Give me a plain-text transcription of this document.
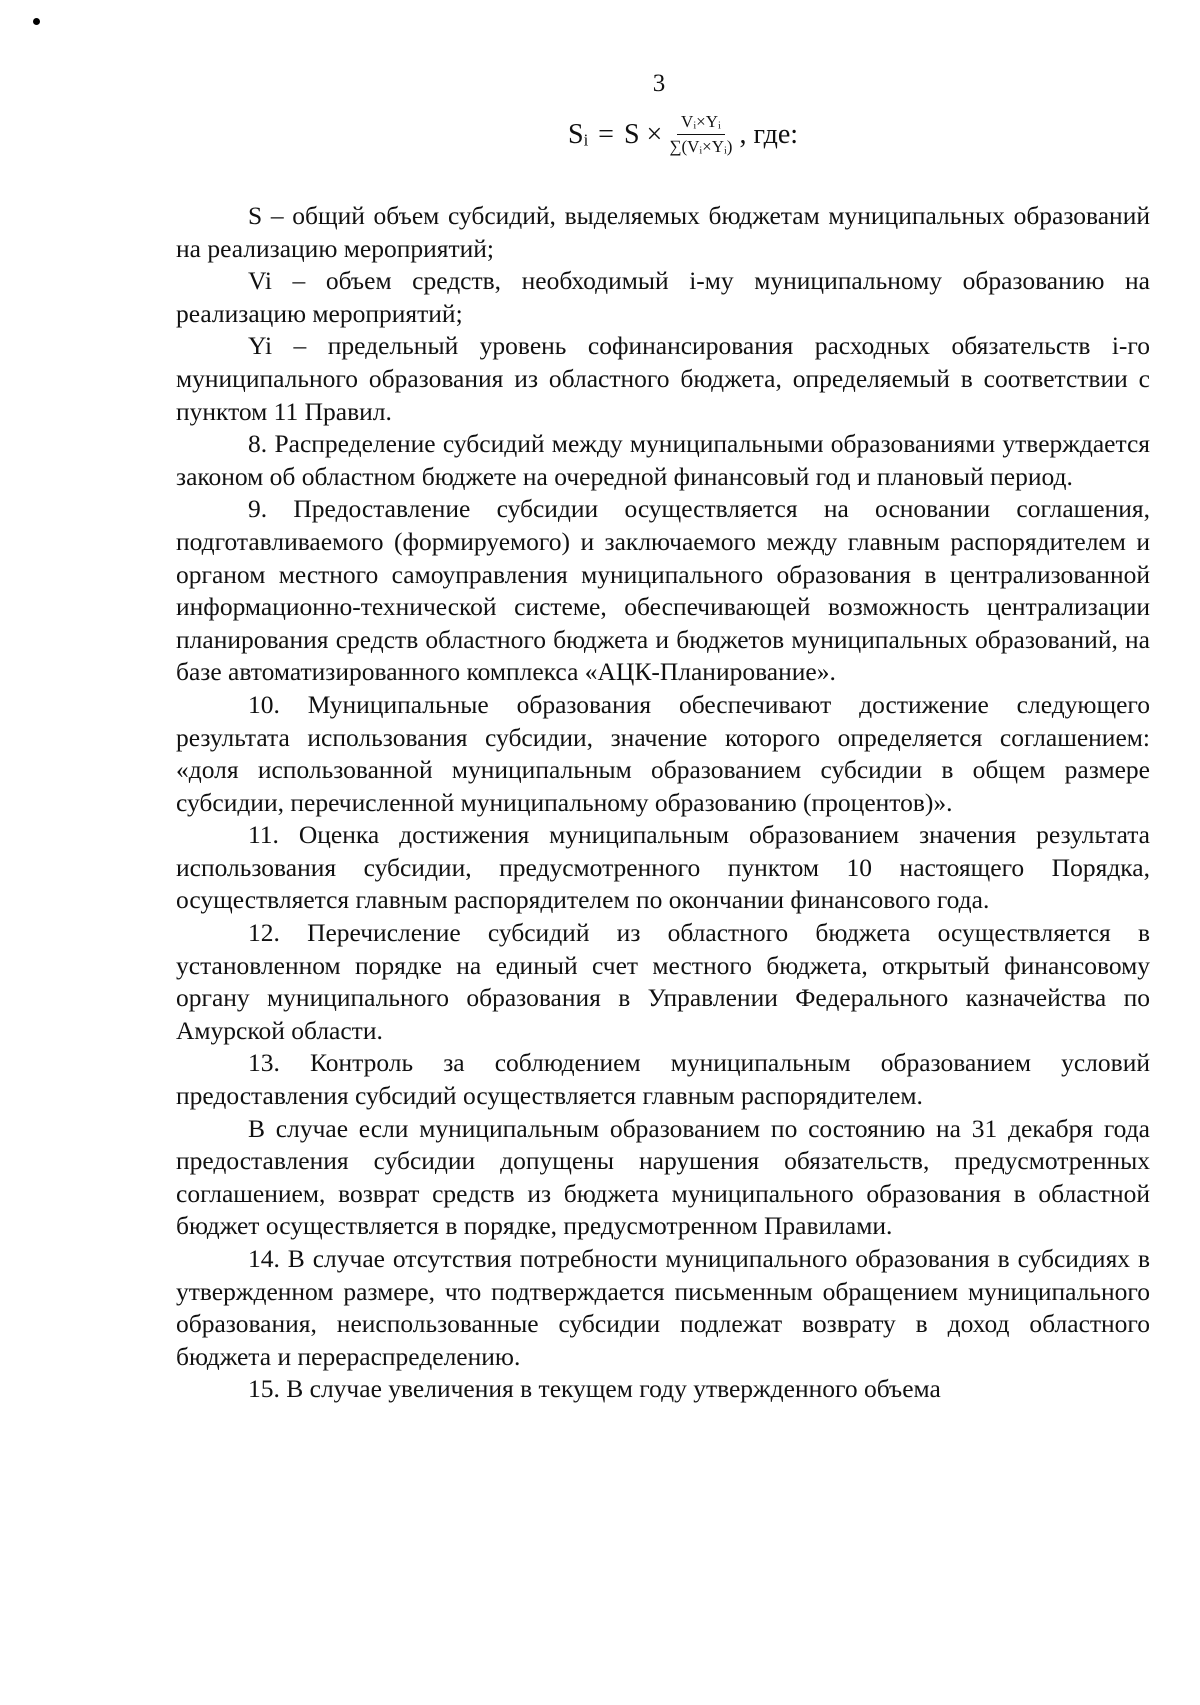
3
Sᵢ = $S \times \frac{\text{Vᵢ×Yᵢ}}{\text{∑(Vᵢ×Yᵢ)}}$ , где:

S – общий объем субсидий, выделяемых бюджетам муниципальных образований на реализацию мероприятий;

Vi – объем средств, необходимый i-му муниципальному образованию на реализацию мероприятий;

Yi – предельный уровень софинансирования расходных обязательств i-го муниципального образования из областного бюджета, определяемый в соответствии с пунктом 11 Правил.

8. Распределение субсидий между муниципальными образованиями утверждается законом об областном бюджете на очередной финансовый год и плановый период.

9. Предоставление субсидии осуществляется на основании соглашения, подготавливаемого (формируемого) и заключаемого между главным распорядителем и органом местного самоуправления муниципального образования в централизованной информационно-технической системе, обеспечивающей возможность централизации планирования средств областного бюджета и бюджетов муниципальных образований, на базе автоматизированного комплекса «АЦК-Планирование».

10. Муниципальные образования обеспечивают достижение следующего результата использования субсидии, значение которого определяется соглашением: «доля использованной муниципальным образованием субсидии в общем размере субсидии, перечисленной муниципальному образованию (процентов)».

11. Оценка достижения муниципальным образованием значения результата использования субсидии, предусмотренного пунктом 10 настоящего Порядка, осуществляется главным распорядителем по окончании финансового года.

12. Перечисление субсидий из областного бюджета осуществляется в установленном порядке на единый счет местного бюджета, открытый финансовому органу муниципального образования в Управлении Федерального казначейства по Амурской области.

13. Контроль за соблюдением муниципальным образованием условий предоставления субсидий осуществляется главным распорядителем.

В случае если муниципальным образованием по состоянию на 31 декабря года предоставления субсидии допущены нарушения обязательств, предусмотренных соглашением, возврат средств из бюджета муниципального образования в областной бюджет осуществляется в порядке, предусмотренном Правилами.

14. В случае отсутствия потребности муниципального образования в субсидиях в утвержденном размере, что подтверждается письменным обращением муниципального образования, неиспользованные субсидии подлежат возврату в доход областного бюджета и перераспределению.

15. В случае увеличения в текущем году утвержденного объема
